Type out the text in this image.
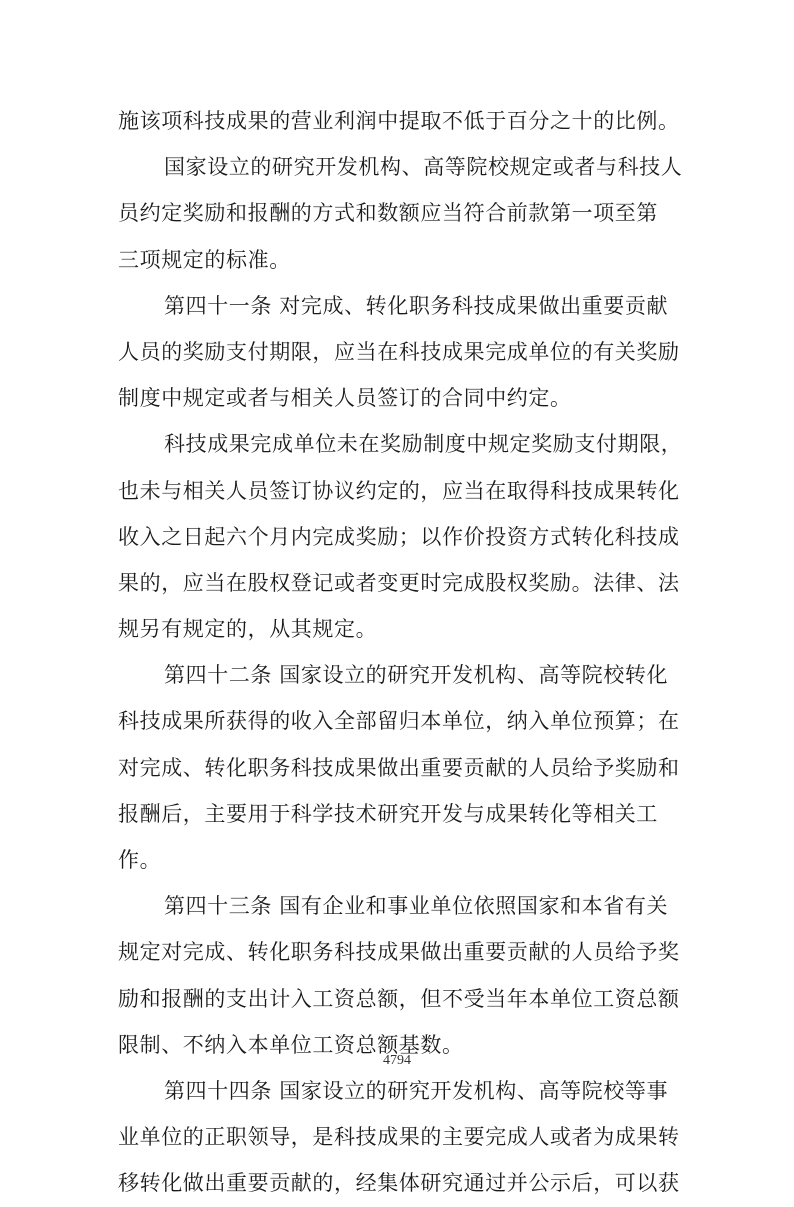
施该项科技成果的营业利润中提取不低于百分之十的比例。
国家设立的研究开发机构、高等院校规定或者与科技人
员约定奖励和报酬的方式和数额应当符合前款第一项至第
三项规定的标准。
第四十一条 对完成、转化职务科技成果做出重要贡献
人员的奖励支付期限，应当在科技成果完成单位的有关奖励
制度中规定或者与相关人员签订的合同中约定。
科技成果完成单位未在奖励制度中规定奖励支付期限，
也未与相关人员签订协议约定的，应当在取得科技成果转化
收入之日起六个月内完成奖励；以作价投资方式转化科技成
果的，应当在股权登记或者变更时完成股权奖励。法律、法
规另有规定的，从其规定。
第四十二条 国家设立的研究开发机构、高等院校转化
科技成果所获得的收入全部留归本单位，纳入单位预算；在
对完成、转化职务科技成果做出重要贡献的人员给予奖励和
报酬后，主要用于科学技术研究开发与成果转化等相关工
作。
第四十三条 国有企业和事业单位依照国家和本省有关
规定对完成、转化职务科技成果做出重要贡献的人员给予奖
励和报酬的支出计入工资总额，但不受当年本单位工资总额
限制、不纳入本单位工资总额基数。
第四十四条 国家设立的研究开发机构、高等院校等事
业单位的正职领导，是科技成果的主要完成人或者为成果转
移转化做出重要贡献的，经集体研究通过并公示后，可以获
4794
